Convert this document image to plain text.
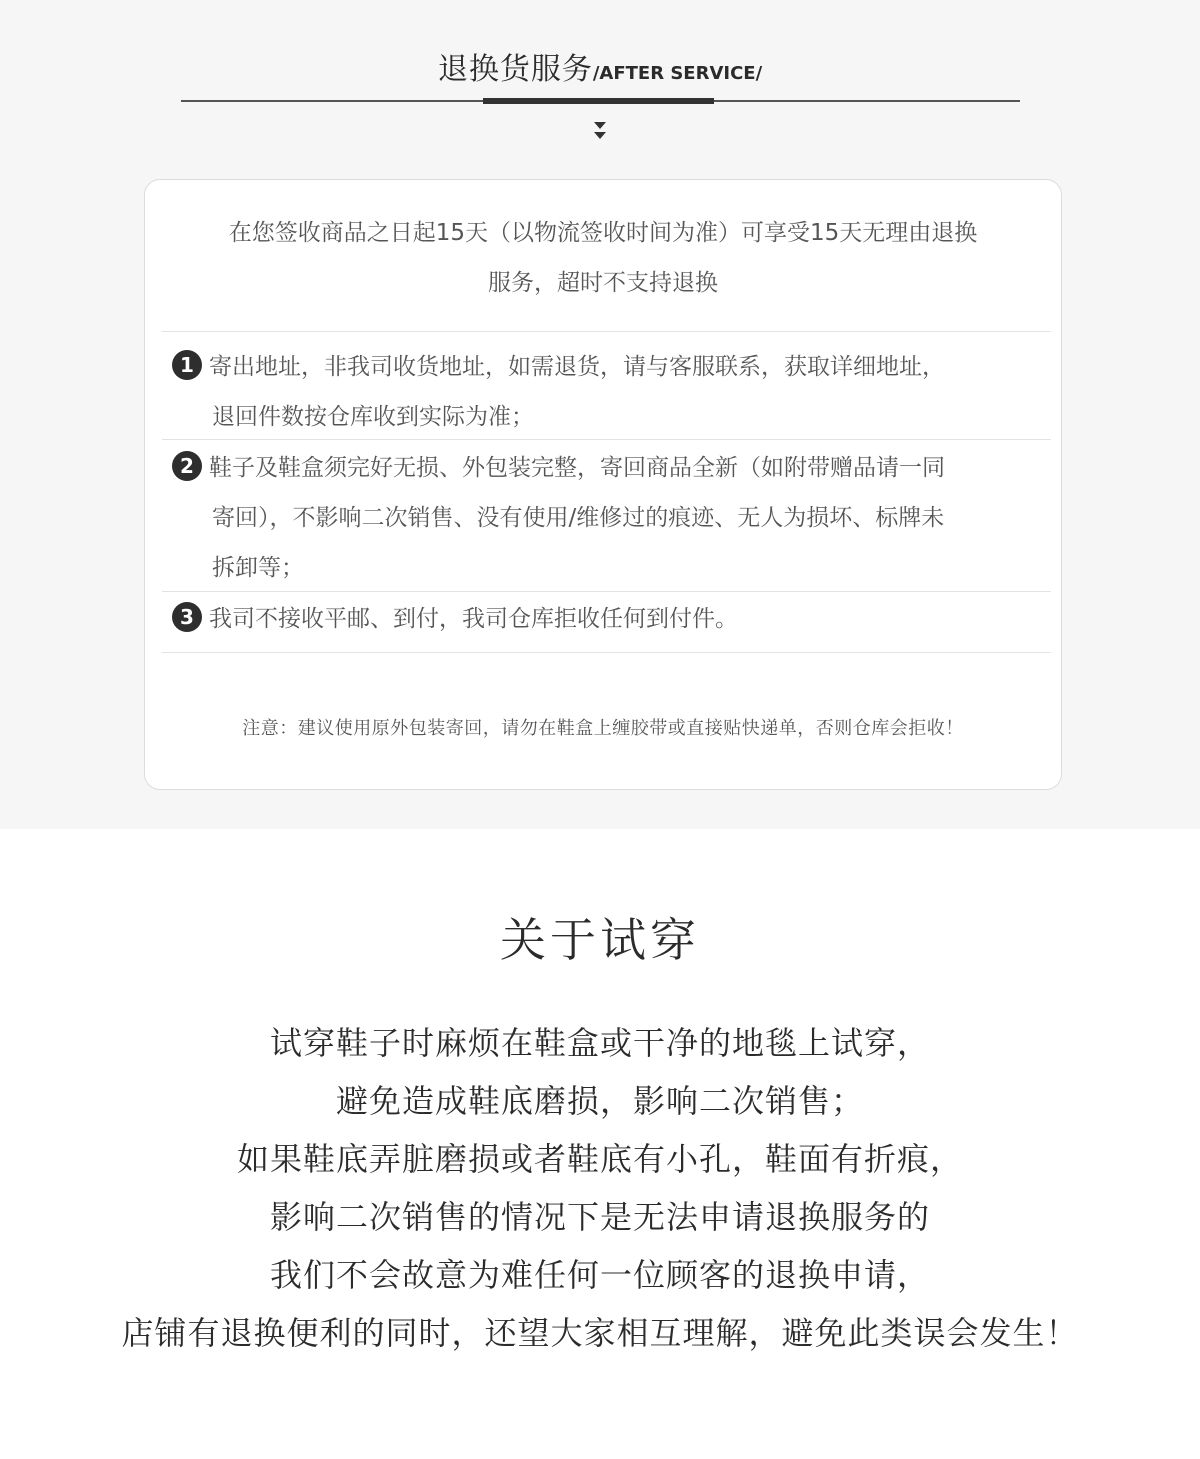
退换货服务/AFTER SERVICE/
在您签收商品之日起15天（以物流签收时间为准）可享受15天无理由退换
服务，超时不支持退换
1 寄出地址，非我司收货地址，如需退货，请与客服联系，获取详细地址，
退回件数按仓库收到实际为准；
2 鞋子及鞋盒须完好无损、外包装完整，寄回商品全新（如附带赠品请一同
寄回），不影响二次销售、没有使用/维修过的痕迹、无人为损坏、标牌未
拆卸等；
3 我司不接收平邮、到付，我司仓库拒收任何到付件。
注意：建议使用原外包装寄回，请勿在鞋盒上缠胶带或直接贴快递单，否则仓库会拒收！
关于试穿
试穿鞋子时麻烦在鞋盒或干净的地毯上试穿，
避免造成鞋底磨损，影响二次销售；
如果鞋底弄脏磨损或者鞋底有小孔，鞋面有折痕，
影响二次销售的情况下是无法申请退换服务的
我们不会故意为难任何一位顾客的退换申请，
店铺有退换便利的同时，还望大家相互理解，避免此类误会发生！
